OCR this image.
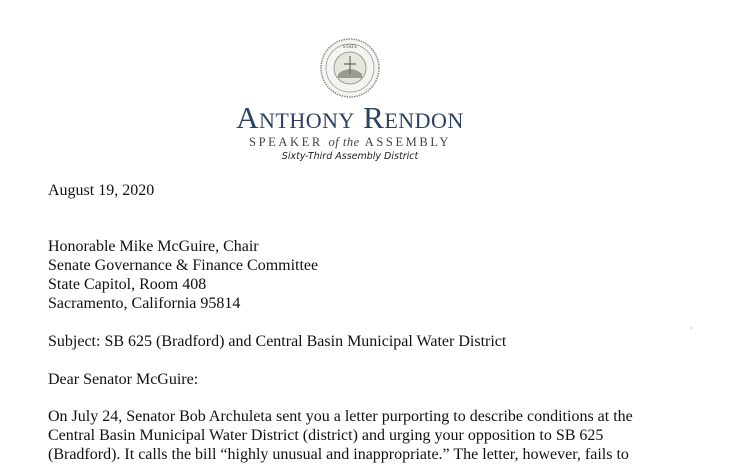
STATE
Anthony Rendon
SPEAKER of the ASSEMBLY
Sixty-Third Assembly District
August 19, 2020
Honorable Mike McGuire, Chair
Senate Governance & Finance Committee
State Capitol, Room 408
Sacramento, California 95814
Subject: SB 625 (Bradford) and Central Basin Municipal Water District
Dear Senator McGuire:
On July 24, Senator Bob Archuleta sent you a letter purporting to describe conditions at the
Central Basin Municipal Water District (district) and urging your opposition to SB 625
(Bradford). It calls the bill “highly unusual and inappropriate.” The letter, however, fails to
